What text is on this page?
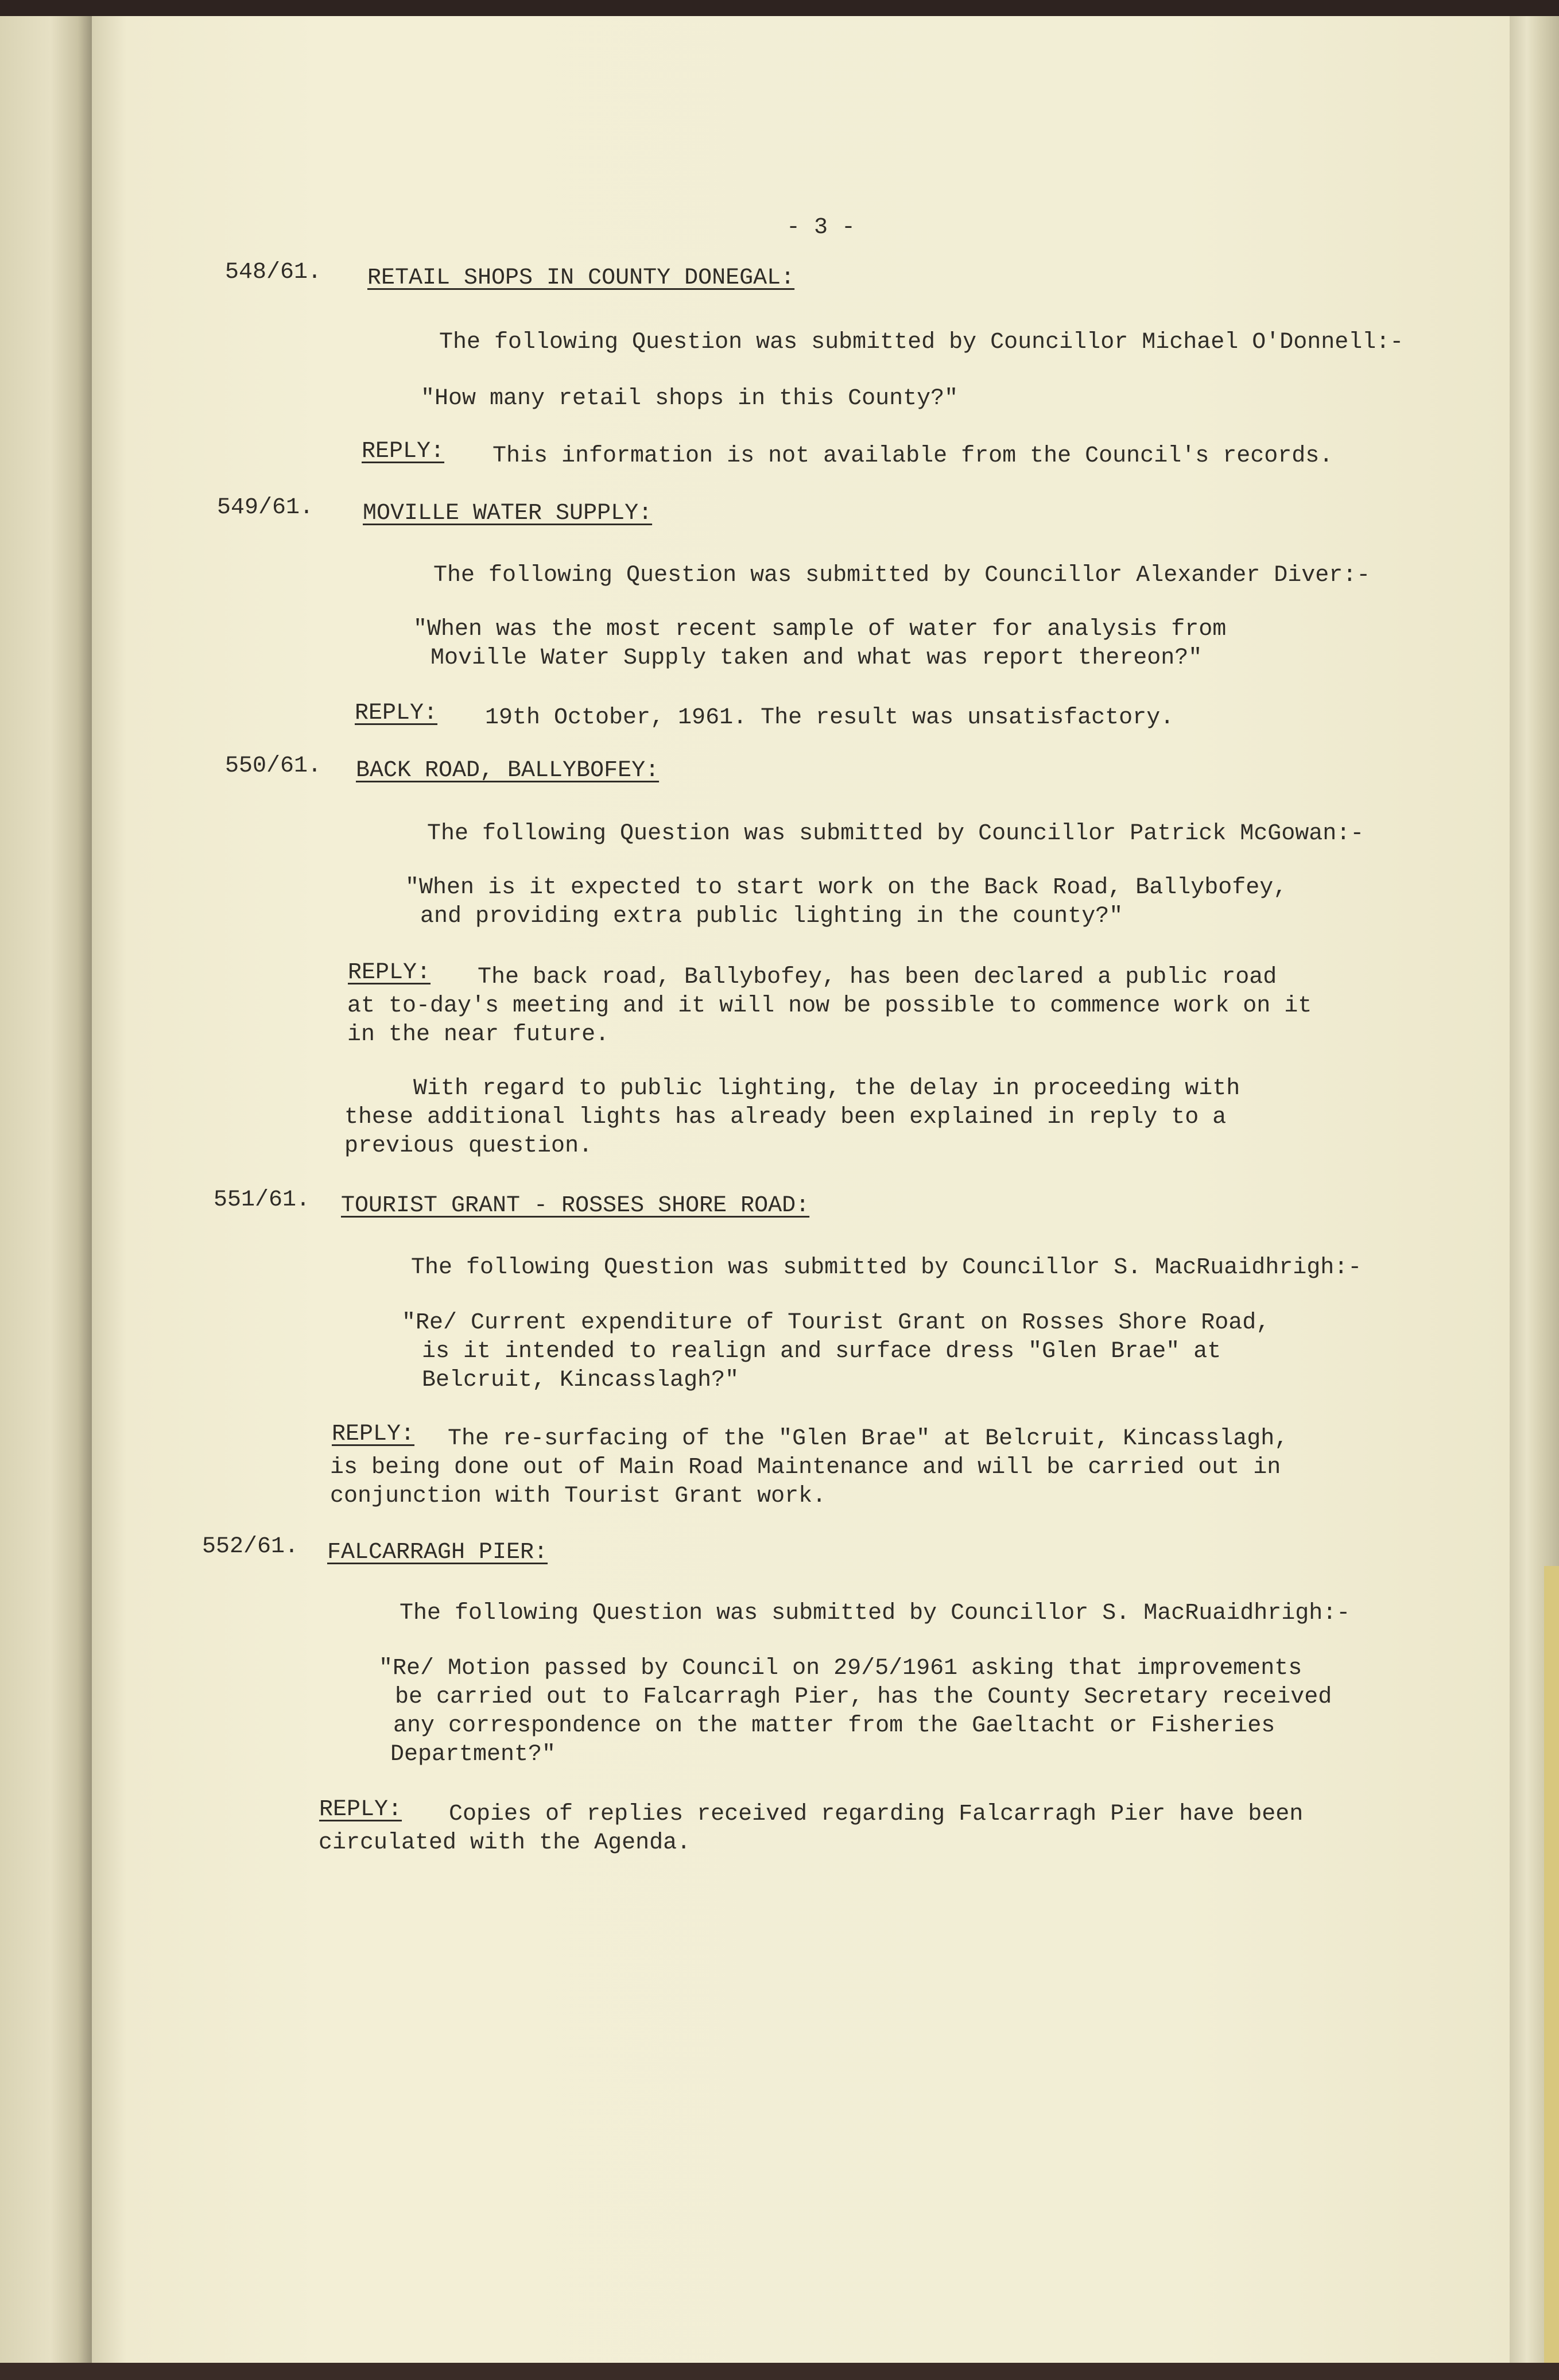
- 3 -
548/61. RETAIL SHOPS IN COUNTY DONEGAL:
The following Question was submitted by Councillor Michael O'Donnell:-
"How many retail shops in this County?"
REPLY: This information is not available from the Council's records.
549/61. MOVILLE WATER SUPPLY:
The following Question was submitted by Councillor Alexander Diver:-
"When was the most recent sample of water for analysis from
Moville Water Supply taken and what was report thereon?"
REPLY: 19th October, 1961. The result was unsatisfactory.
550/61. BACK ROAD, BALLYBOFEY:
The following Question was submitted by Councillor Patrick McGowan:-
"When is it expected to start work on the Back Road, Ballybofey,
and providing extra public lighting in the county?"
REPLY: The back road, Ballybofey, has been declared a public road
at to-day's meeting and it will now be possible to commence work on it
in the near future.
With regard to public lighting, the delay in proceeding with
these additional lights has already been explained in reply to a
previous question.
551/61. TOURIST GRANT - ROSSES SHORE ROAD:
The following Question was submitted by Councillor S. MacRuaidhrigh:-
"Re/ Current expenditure of Tourist Grant on Rosses Shore Road,
is it intended to realign and surface dress "Glen Brae" at
Belcruit, Kincasslagh?"
REPLY: The re-surfacing of the "Glen Brae" at Belcruit, Kincasslagh,
is being done out of Main Road Maintenance and will be carried out in
conjunction with Tourist Grant work.
552/61. FALCARRAGH PIER:
The following Question was submitted by Councillor S. MacRuaidhrigh:-
"Re/ Motion passed by Council on 29/5/1961 asking that improvements
be carried out to Falcarragh Pier, has the County Secretary received
any correspondence on the matter from the Gaeltacht or Fisheries
Department?"
REPLY: Copies of replies received regarding Falcarragh Pier have been
circulated with the Agenda.
